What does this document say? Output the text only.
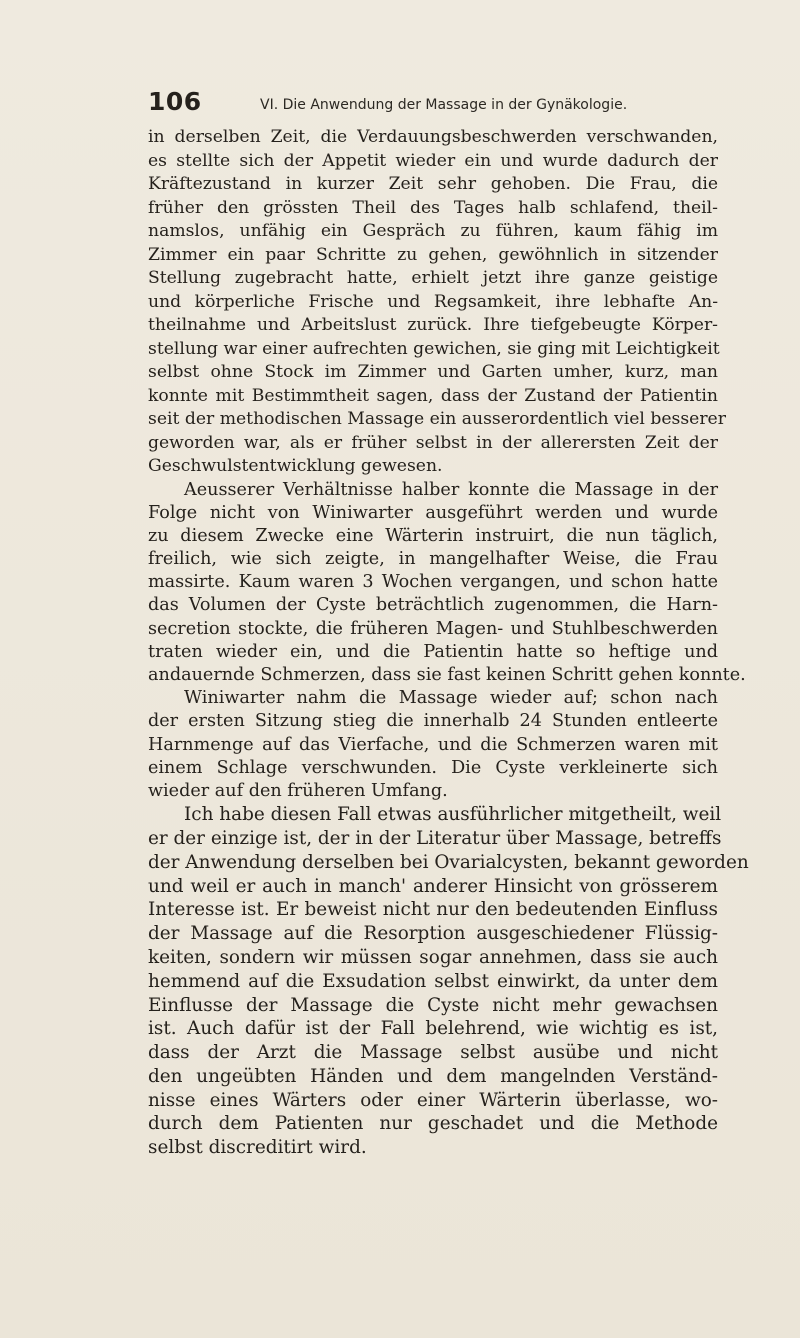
106	VI. Die Anwendung der Massage in der Gynäkologie.
in derselben Zeit, die Verdauungsbeschwerden verschwanden,
es stellte sich der Appetit wieder ein und wurde dadurch der
Kräftezustand in kurzer Zeit sehr gehoben. Die Frau, die
früher den grössten Theil des Tages halb schlafend, theil-
namslos, unfähig ein Gespräch zu führen, kaum fähig im
Zimmer ein paar Schritte zu gehen, gewöhnlich in sitzender
Stellung zugebracht hatte, erhielt jetzt ihre ganze geistige
und körperliche Frische und Regsamkeit, ihre lebhafte An-
theilnahme und Arbeitslust zurück. Ihre tiefgebeugte Körper-
stellung war einer aufrechten gewichen, sie ging mit Leichtigkeit
selbst ohne Stock im Zimmer und Garten umher, kurz, man
konnte mit Bestimmtheit sagen, dass der Zustand der Patientin
seit der methodischen Massage ein ausserordentlich viel besserer
geworden war, als er früher selbst in der allerersten Zeit der
Geschwulstentwicklung gewesen.
Aeusserer Verhältnisse halber konnte die Massage in der
Folge nicht von Winiwarter ausgeführt werden und wurde
zu diesem Zwecke eine Wärterin instruirt, die nun täglich,
freilich, wie sich zeigte, in mangelhafter Weise, die Frau
massirte. Kaum waren 3 Wochen vergangen, und schon hatte
das Volumen der Cyste beträchtlich zugenommen, die Harn-
secretion stockte, die früheren Magen- und Stuhlbeschwerden
traten wieder ein, und die Patientin hatte so heftige und
andauernde Schmerzen, dass sie fast keinen Schritt gehen konnte.
Winiwarter nahm die Massage wieder auf; schon nach
der ersten Sitzung stieg die innerhalb 24 Stunden entleerte
Harnmenge auf das Vierfache, und die Schmerzen waren mit
einem Schlage verschwunden. Die Cyste verkleinerte sich
wieder auf den früheren Umfang.
Ich habe diesen Fall etwas ausführlicher mitgetheilt, weil
er der einzige ist, der in der Literatur über Massage, betreffs
der Anwendung derselben bei Ovarialcysten, bekannt geworden
und weil er auch in manch' anderer Hinsicht von grösserem
Interesse ist. Er beweist nicht nur den bedeutenden Einfluss
der Massage auf die Resorption ausgeschiedener Flüssig-
keiten, sondern wir müssen sogar annehmen, dass sie auch
hemmend auf die Exsudation selbst einwirkt, da unter dem
Einflusse der Massage die Cyste nicht mehr gewachsen
ist. Auch dafür ist der Fall belehrend, wie wichtig es ist,
dass der Arzt die Massage selbst ausübe und nicht
den ungeübten Händen und dem mangelnden Verständ-
nisse eines Wärters oder einer Wärterin überlasse, wo-
durch dem Patienten nur geschadet und die Methode
selbst discreditirt wird.
